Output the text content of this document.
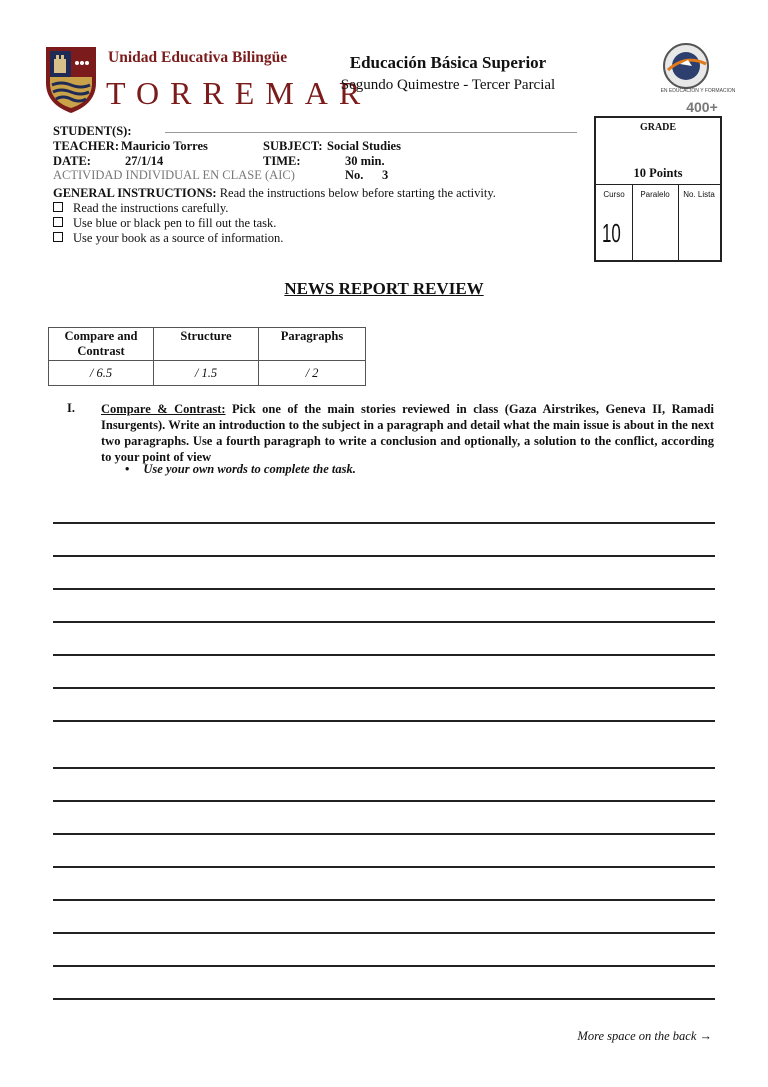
Unidad Educativa Bilingüe
TORREMAR
Educación Básica Superior
Segundo Quimestre - Tercer Parcial	EN EDUCACION Y FORMACION
400+
STUDENT(S):
TEACHER: Mauricio Torres	SUBJECT: Social Studies
DATE:	27/1/14	TIME:	30 min.
ACTIVIDAD INDIVIDUAL EN CLASE (AIC)	No. 3
GRADE
10 Points
Curso	Paralelo	No. Lista
10
GENERAL INSTRUCTIONS: Read the instructions below before starting the activity.
Read the instructions carefully.
Use blue or black pen to fill out the task.
Use your book as a source of information.
NEWS REPORT REVIEW
Compare and Contrast	Structure	Paragraphs
/ 6.5	/ 1.5	/ 2
I. Compare & Contrast: Pick one of the main stories reviewed in class (Gaza Airstrikes, Geneva II, Ramadi Insurgents). Write an introduction to the subject in a paragraph and detail what the main issue is about in the next two paragraphs. Use a fourth paragraph to write a conclusion and optionally, a solution to the conflict, according to your point of view
• Use your own words to complete the task.
More space on the back →
